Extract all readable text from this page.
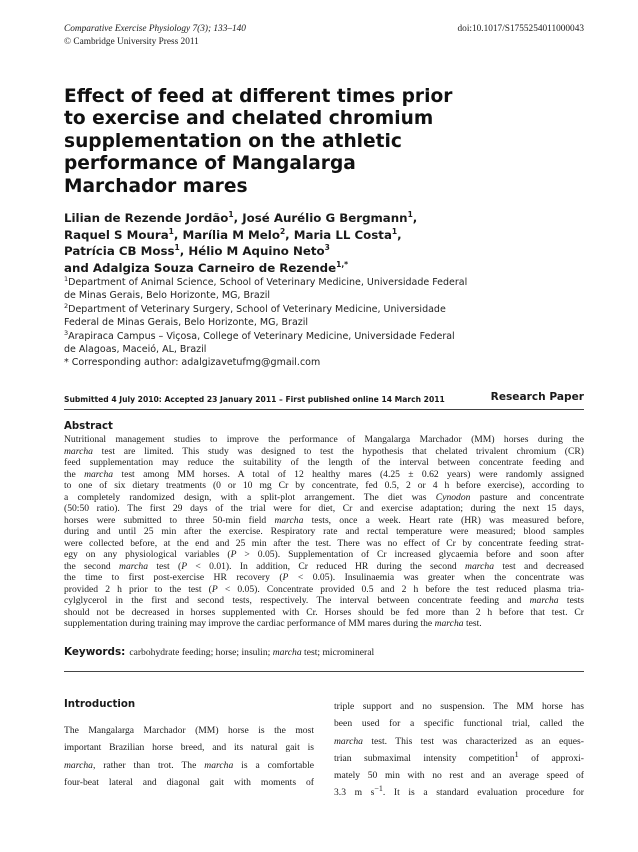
Comparative Exercise Physiology 7(3); 133–140
© Cambridge University Press 2011
doi:10.1017/S1755254011000043
Effect of feed at different times prior
to exercise and chelated chromium
supplementation on the athletic
performance of Mangalarga
Marchador mares
Lilian de Rezende Jordão$^1$, José Aurélio G Bergmann$^1$,
Raquel S Moura$^1$, Marília M Melo$^2$, Maria LL Costa$^1$,
Patrícia CB Moss$^1$, Hélio M Aquino Neto$^3$
and Adalgiza Souza Carneiro de Rezende$^{1,*}$
$^1$Department of Animal Science, School of Veterinary Medicine, Universidade Federal
de Minas Gerais, Belo Horizonte, MG, Brazil
$^2$Department of Veterinary Surgery, School of Veterinary Medicine, Universidade
Federal de Minas Gerais, Belo Horizonte, MG, Brazil
$^3$Arapiraca Campus – Viçosa, College of Veterinary Medicine, Universidade Federal
de Alagoas, Maceió, AL, Brazil
* Corresponding author: adalgizavetufmg@gmail.com
Submitted 4 July 2010: Accepted 23 January 2011 – First published online 14 March 2011	Research Paper
Abstract
Nutritional management studies to improve the performance of Mangalarga Marchador (MM) horses during the
marcha test are limited. This study was designed to test the hypothesis that chelated trivalent chromium (CR)
feed supplementation may reduce the suitability of the length of the interval between concentrate feeding and
the marcha test among MM horses. A total of 12 healthy mares (4.25 ± 0.62 years) were randomly assigned
to one of six dietary treatments (0 or 10 mg Cr by concentrate, fed 0.5, 2 or 4 h before exercise), according to
a completely randomized design, with a split-plot arrangement. The diet was Cynodon pasture and concentrate
(50:50 ratio). The first 29 days of the trial were for diet, Cr and exercise adaptation; during the next 15 days,
horses were submitted to three 50-min field marcha tests, once a week. Heart rate (HR) was measured before,
during and until 25 min after the exercise. Respiratory rate and rectal temperature were measured; blood samples
were collected before, at the end and 25 min after the test. There was no effect of Cr by concentrate feeding strat-
egy on any physiological variables (P > 0.05). Supplementation of Cr increased glycaemia before and soon after
the second marcha test (P < 0.01). In addition, Cr reduced HR during the second marcha test and decreased
the time to first post-exercise HR recovery (P < 0.05). Insulinaemia was greater when the concentrate was
provided 2 h prior to the test (P < 0.05). Concentrate provided 0.5 and 2 h before the test reduced plasma tria-
cylglycerol in the first and second tests, respectively. The interval between concentrate feeding and marcha tests
should not be decreased in horses supplemented with Cr. Horses should be fed more than 2 h before that test. Cr
supplementation during training may improve the cardiac performance of MM mares during the marcha test.
Keywords: carbohydrate feeding; horse; insulin; marcha test; micromineral
Introduction
The Mangalarga Marchador (MM) horse is the most
important Brazilian horse breed, and its natural gait is
marcha, rather than trot. The marcha is a comfortable
four-beat lateral and diagonal gait with moments of
triple support and no suspension. The MM horse has
been used for a specific functional trial, called the
marcha test. This test was characterized as an eques-
trian submaximal intensity competition$^1$ of approxi-
mately 50 min with no rest and an average speed of
3.3 m $s^{-1}$. It is a standard evaluation procedure for
